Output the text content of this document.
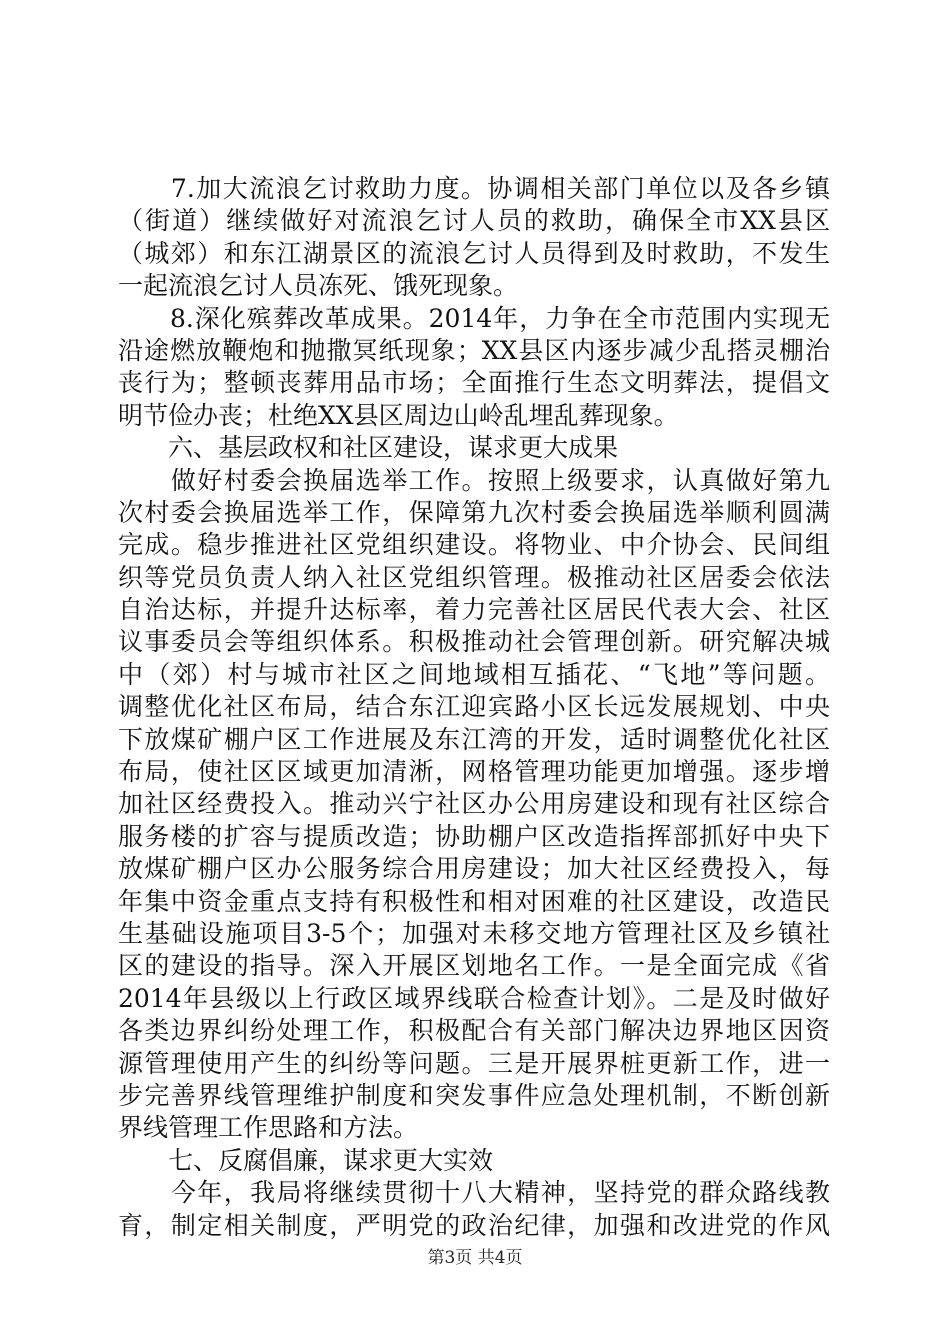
　　7.加大流浪乞讨救助力度。协调相关部门单位以及各乡镇
（街道）继续做好对流浪乞讨人员的救助，确保全市XX县区
（城郊）和东江湖景区的流浪乞讨人员得到及时救助，不发生
一起流浪乞讨人员冻死、饿死现象。
　　8.深化殡葬改革成果。2014年，力争在全市范围内实现无
沿途燃放鞭炮和抛撒冥纸现象；XX县区内逐步减少乱搭灵棚治
丧行为；整顿丧葬用品市场；全面推行生态文明葬法，提倡文
明节俭办丧；杜绝XX县区周边山岭乱埋乱葬现象。
　　六、基层政权和社区建设，谋求更大成果
　　做好村委会换届选举工作。按照上级要求，认真做好第九
次村委会换届选举工作，保障第九次村委会换届选举顺利圆满
完成。稳步推进社区党组织建设。将物业、中介协会、民间组
织等党员负责人纳入社区党组织管理。极推动社区居委会依法
自治达标，并提升达标率，着力完善社区居民代表大会、社区
议事委员会等组织体系。积极推动社会管理创新。研究解决城
中（郊）村与城市社区之间地域相互插花、“飞地”等问题。
调整优化社区布局，结合东江迎宾路小区长远发展规划、中央
下放煤矿棚户区工作进展及东江湾的开发，适时调整优化社区
布局，使社区区域更加清淅，网格管理功能更加增强。逐步增
加社区经费投入。推动兴宁社区办公用房建设和现有社区综合
服务楼的扩容与提质改造；协助棚户区改造指挥部抓好中央下
放煤矿棚户区办公服务综合用房建设；加大社区经费投入，每
年集中资金重点支持有积极性和相对困难的社区建设，改造民
生基础设施项目3-5个；加强对未移交地方管理社区及乡镇社
区的建设的指导。深入开展区划地名工作。一是全面完成《省
2014年县级以上行政区域界线联合检查计划》。二是及时做好
各类边界纠纷处理工作，积极配合有关部门解决边界地区因资
源管理使用产生的纠纷等问题。三是开展界桩更新工作，进一
步完善界线管理维护制度和突发事件应急处理机制，不断创新
界线管理工作思路和方法。
　　七、反腐倡廉，谋求更大实效
　　今年，我局将继续贯彻十八大精神，坚持党的群众路线教
育，制定相关制度，严明党的政治纪律，加强和改进党的作风
第3页 共4页
